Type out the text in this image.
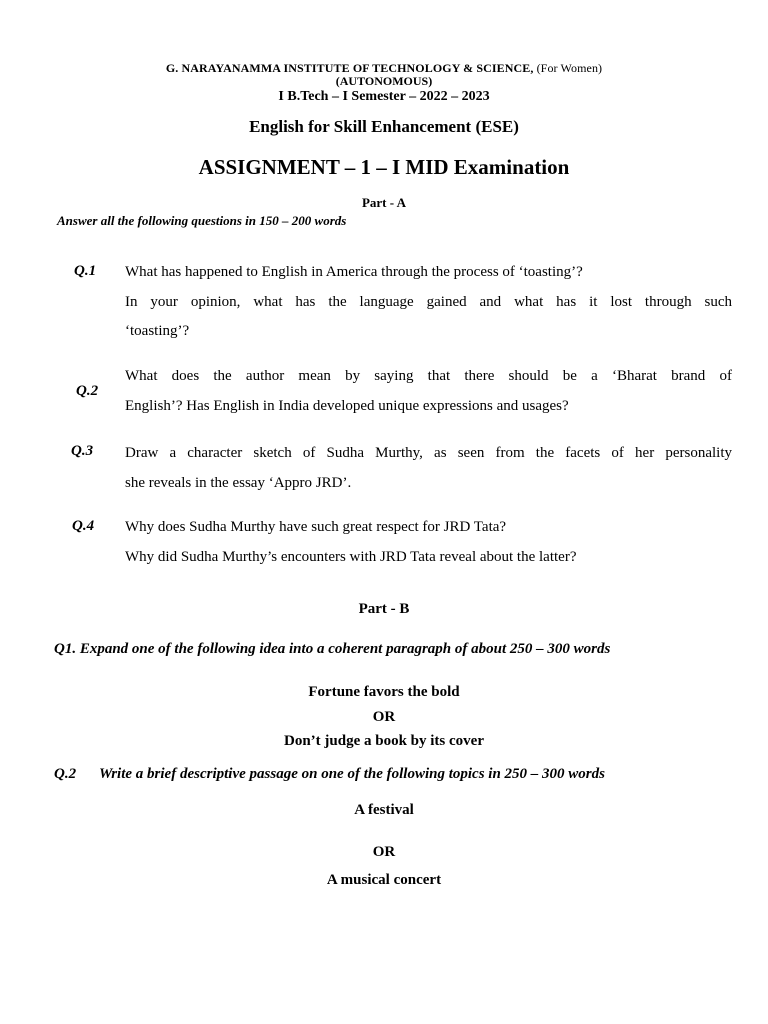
G. NARAYANAMMA INSTITUTE OF TECHNOLOGY & SCIENCE, (For Women)
(AUTONOMOUS)
I B.Tech – I Semester – 2022 – 2023
English for Skill Enhancement (ESE)
ASSIGNMENT – 1 – I MID Examination
Part - A
Answer all the following questions in 150 – 200 words
Q.1 What has happened to English in America through the process of ‘toasting’?
In your opinion, what has the language gained and what has it lost through such
‘toasting’?
Q.2
What does the author mean by saying that there should be a ‘Bharat brand of
English’? Has English in India developed unique expressions and usages?
Q.3 Draw a character sketch of Sudha Murthy, as seen from the facets of her personality
she reveals in the essay ‘Appro JRD’.
Q.4 Why does Sudha Murthy have such great respect for JRD Tata?
Why did Sudha Murthy’s encounters with JRD Tata reveal about the latter?
Part - B
Q1. Expand one of the following idea into a coherent paragraph of about 250 – 300 words
Fortune favors the bold
OR
Don’t judge a book by its cover
Q.2 Write a brief descriptive passage on one of the following topics in 250 – 300 words
A festival
OR
A musical concert
